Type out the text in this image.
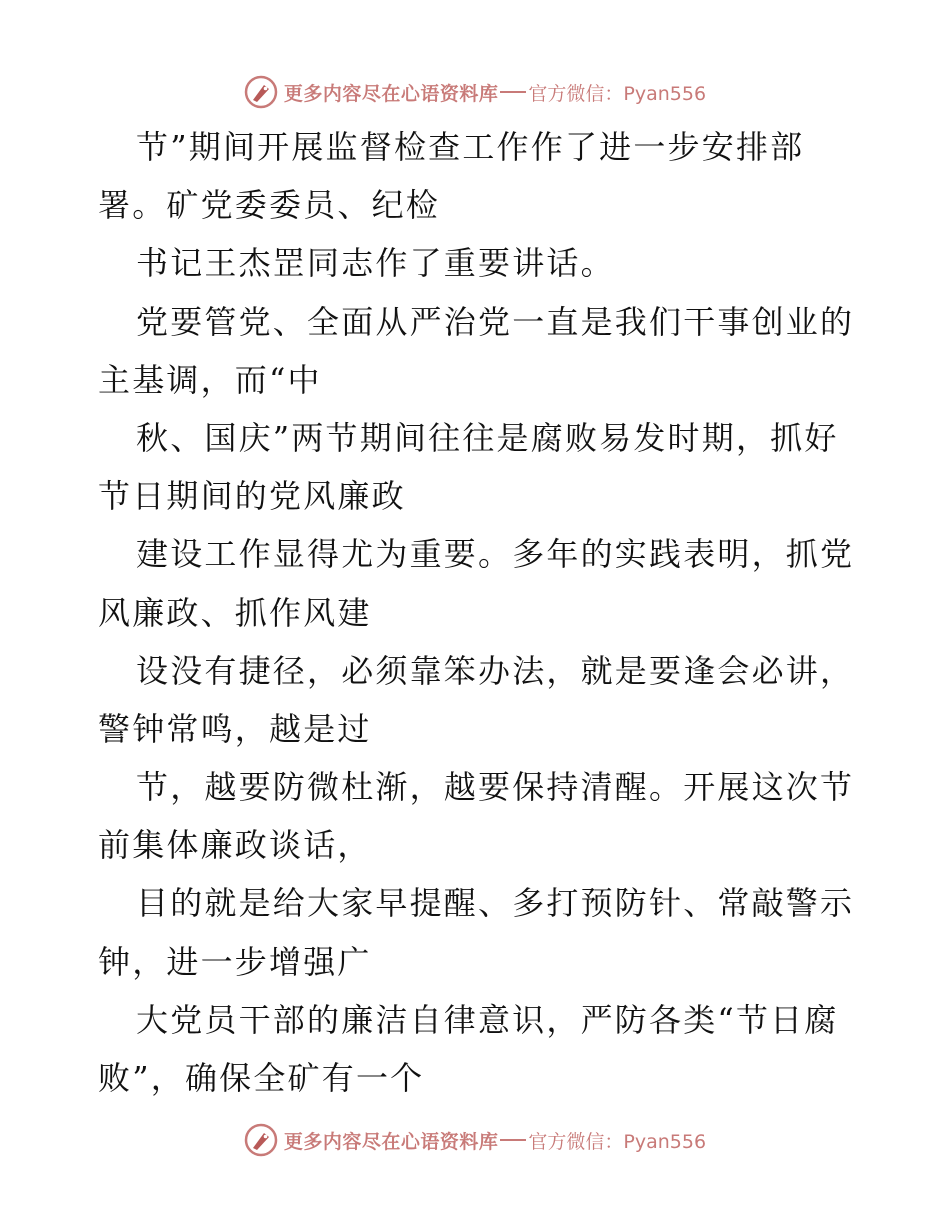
更多内容尽在心语资料库 官方微信：Pyan556
节”期间开展监督检查工作作了进一步安排部
署。矿党委委员、纪检
书记王杰罡同志作了重要讲话。
党要管党、全面从严治党一直是我们干事创业的
主基调，而“中
秋、国庆”两节期间往往是腐败易发时期，抓好
节日期间的党风廉政
建设工作显得尤为重要。多年的实践表明，抓党
风廉政、抓作风建
设没有捷径，必须靠笨办法，就是要逢会必讲，
警钟常鸣，越是过
节，越要防微杜渐，越要保持清醒。开展这次节
前集体廉政谈话，
目的就是给大家早提醒、多打预防针、常敲警示
钟，进一步增强广
大党员干部的廉洁自律意识，严防各类“节日腐
败”，确保全矿有一个
更多内容尽在心语资料库 官方微信：Pyan556
